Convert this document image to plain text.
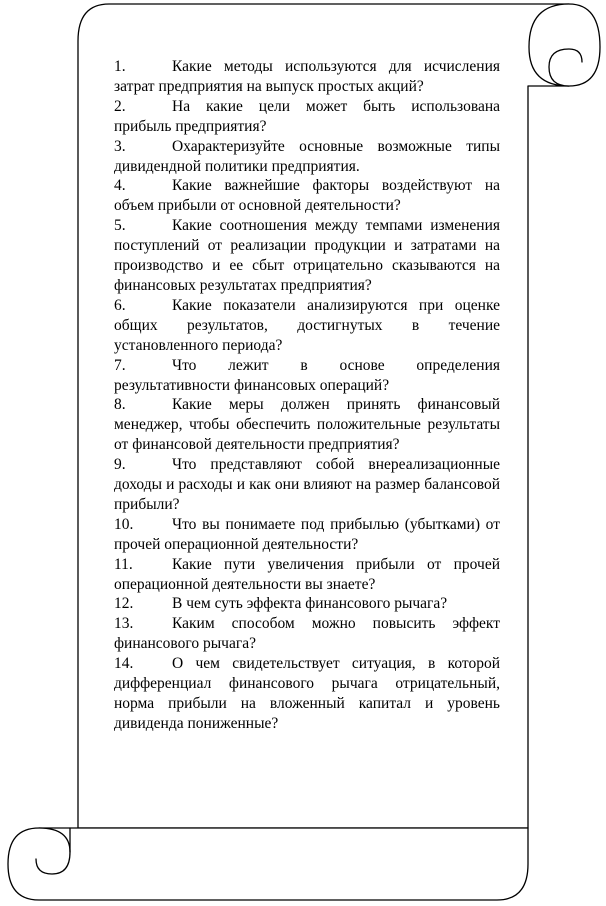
1.	Какие методы используются для исчисления затрат предприятия на выпуск простых акций?
2.	На какие цели может быть использована прибыль предприятия?
3.	Охарактеризуйте основные возможные типы дивидендной политики предприятия.
4.	Какие важнейшие факторы воздействуют на объем прибыли от основной деятельности?
5.	Какие соотношения между темпами изменения поступлений от реализации продукции и затратами на производство и ее сбыт отрицательно сказываются на финансовых результатах предприятия?
6.	Какие показатели анализируются при оценке общих результатов, достигнутых в течение установленного периода?
7.	Что лежит в основе определения результативности финансовых операций?
8.	Какие меры должен принять финансовый менеджер, чтобы обеспечить положительные результаты от финансовой деятельности предприятия?
9.	Что представляют собой внереализационные доходы и расходы и как они влияют на размер балансовой прибыли?
10. Что вы понимаете под прибылью (убытками) от прочей операционной деятельности?
11.	Какие пути увеличения прибыли от прочей операционной деятельности вы знаете?
12. В чем суть эффекта финансового рычага?
13. Каким способом можно повысить эффект финансового рычага?
14. О чем свидетельствует ситуация, в которой дифференциал финансового рычага отрицательный, норма прибыли на вложенный капитал и уровень дивиденда пониженные?
